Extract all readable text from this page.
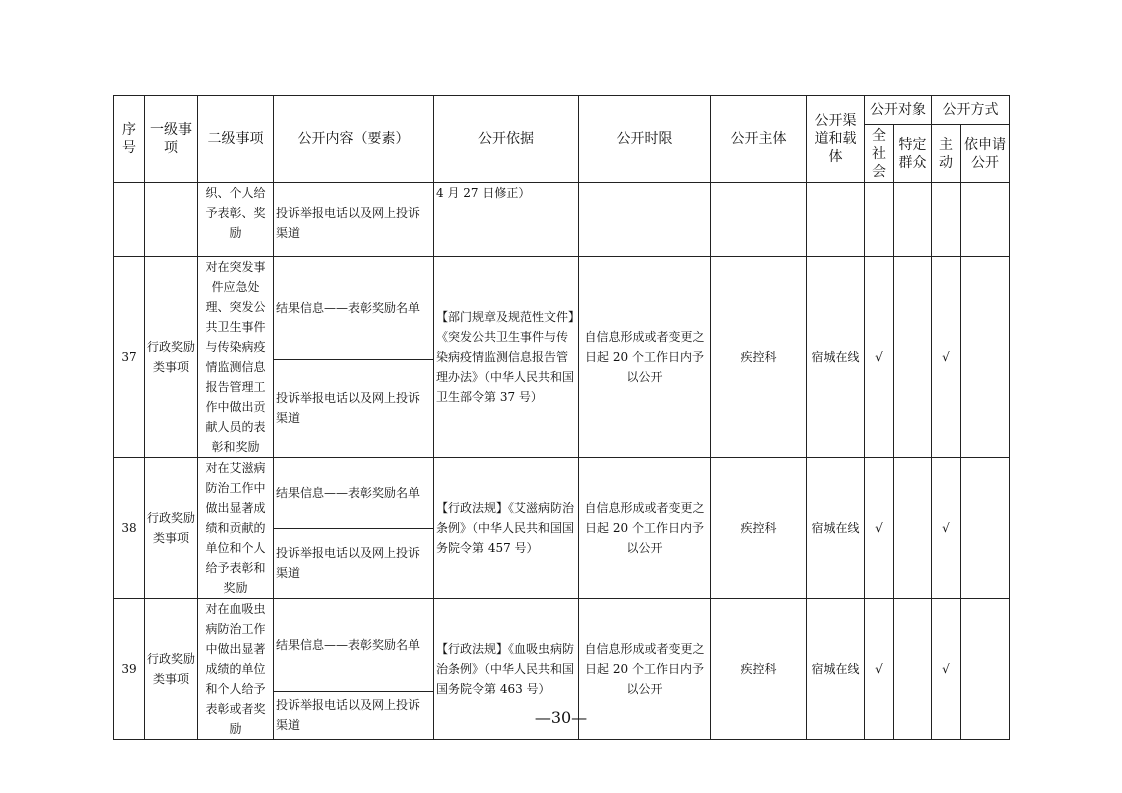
序号	一级事项	二级事项	公开内容（要素）	公开依据	公开时限	公开主体	公开渠道和载体	公开对象		公开方式	
								全社会	特定群众	主动	依申请公开
		织、个人给予表彰、奖励	投诉举报电话以及网上投诉渠道	4 月 27 日修正）							
37	行政奖励类事项	对在突发事件应急处理、突发公共卫生事件与传染病疫情监测信息报告管理工作中做出贡献人员的表彰和奖励	结果信息——表彰奖励名单	【部门规章及规范性文件】《突发公共卫生事件与传染病疫情监测信息报告管理办法》（中华人民共和国卫生部令第 37 号）	自信息形成或者变更之日起 20 个工作日内予以公开	疾控科	宿城在线	√		√	
			投诉举报电话以及网上投诉渠道								
38	行政奖励类事项	对在艾滋病防治工作中做出显著成绩和贡献的单位和个人给予表彰和奖励	结果信息——表彰奖励名单	【行政法规】《艾滋病防治条例》（中华人民共和国国务院令第 457 号）	自信息形成或者变更之日起 20 个工作日内予以公开	疾控科	宿城在线	√		√	
			投诉举报电话以及网上投诉渠道								
39	行政奖励类事项	对在血吸虫病防治工作中做出显著成绩的单位和个人给予表彰或者奖励	结果信息——表彰奖励名单	【行政法规】《血吸虫病防治条例》（中华人民共和国国务院令第 463 号）	自信息形成或者变更之日起 20 个工作日内予以公开	疾控科	宿城在线	√		√	
			投诉举报电话以及网上投诉渠道									—30—
